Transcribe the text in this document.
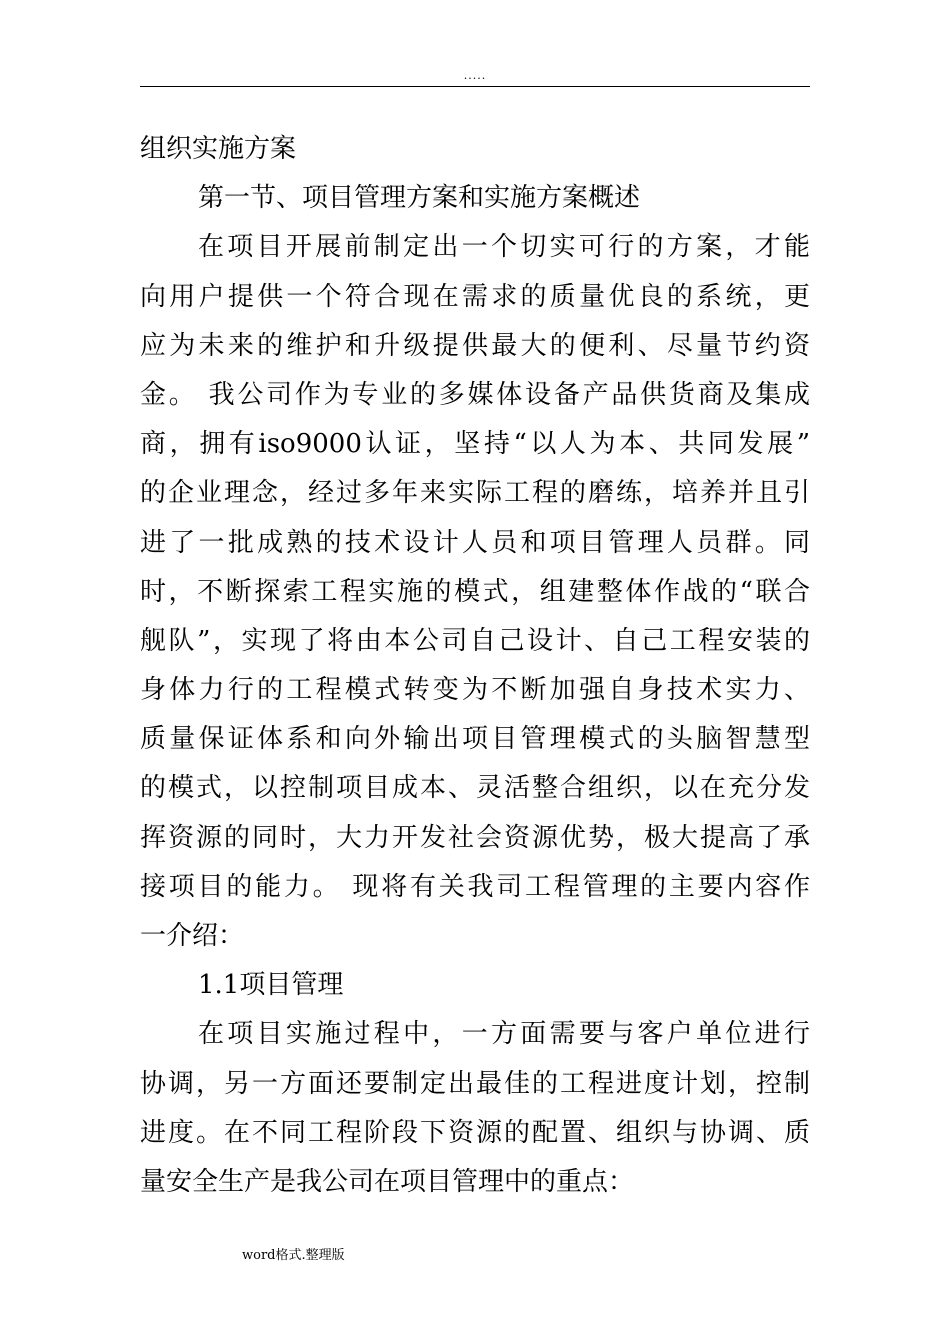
.....
组织实施方案
第一节、项目管理方案和实施方案概述
在项目开展前制定出一个切实可行的方案，才能
向用户提供一个符合现在需求的质量优良的系统，更
应为未来的维护和升级提供最大的便利、尽量节约资
金。 我公司作为专业的多媒体设备产品供货商及集成
商，拥有iso9000认证，坚持“以人为本、共同发展”
的企业理念，经过多年来实际工程的磨练，培养并且引
进了一批成熟的技术设计人员和项目管理人员群。同
时，不断探索工程实施的模式，组建整体作战的“联合
舰队”，实现了将由本公司自己设计、自己工程安装的
身体力行的工程模式转变为不断加强自身技术实力、
质量保证体系和向外输出项目管理模式的头脑智慧型
的模式，以控制项目成本、灵活整合组织，以在充分发
挥资源的同时，大力开发社会资源优势，极大提高了承
接项目的能力。 现将有关我司工程管理的主要内容作
一介绍：
1.1项目管理
在项目实施过程中，一方面需要与客户单位进行
协调，另一方面还要制定出最佳的工程进度计划，控制
进度。在不同工程阶段下资源的配置、组织与协调、质
量安全生产是我公司在项目管理中的重点：
word格式.整理版
